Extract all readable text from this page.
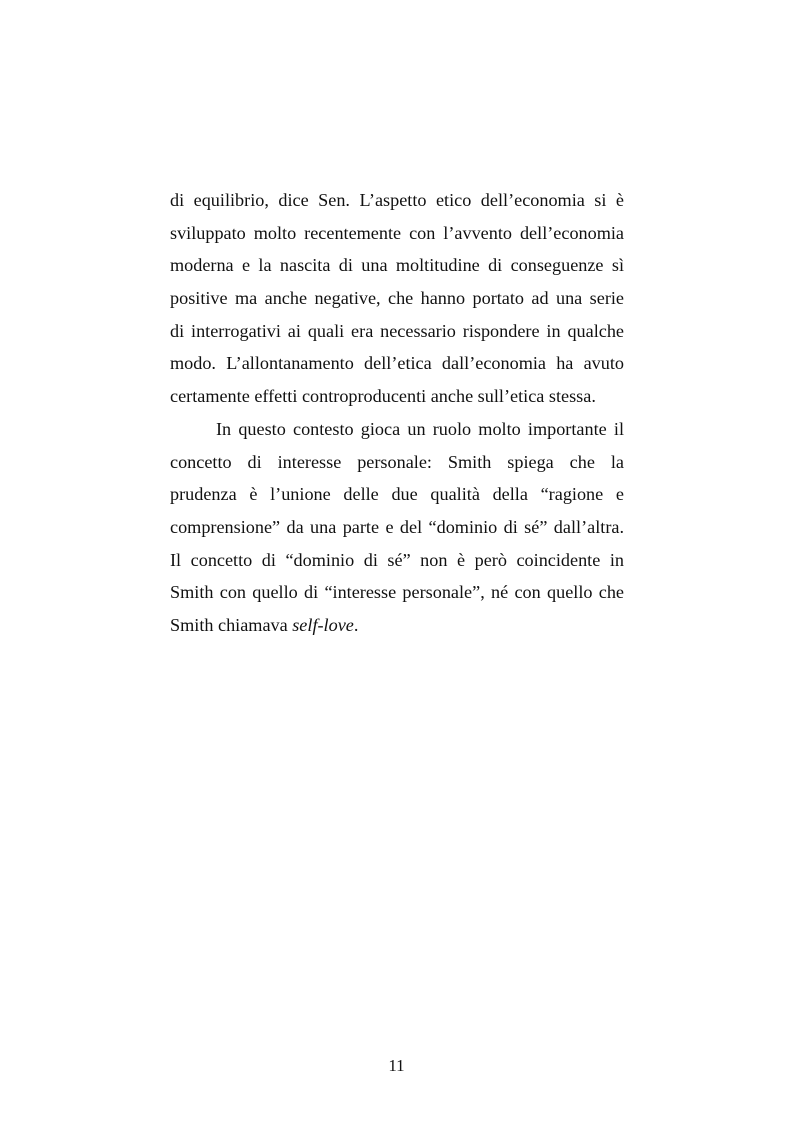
di equilibrio, dice Sen. L’aspetto etico dell’economia si è
sviluppato molto recentemente con l’avvento dell’economia
moderna e la nascita di una moltitudine di conseguenze sì
positive ma anche negative, che hanno portato ad una serie
di interrogativi ai quali era necessario rispondere in qualche
modo. L’allontanamento dell’etica dall’economia ha avuto
certamente effetti controproducenti anche sull’etica stessa.
In questo contesto gioca un ruolo molto importante il
concetto di interesse personale: Smith spiega che la
prudenza è l’unione delle due qualità della “ragione e
comprensione” da una parte e del “dominio di sé” dall’altra.
Il concetto di “dominio di sé” non è però coincidente in
Smith con quello di “interesse personale”, né con quello che
Smith chiamava self-love.
11
